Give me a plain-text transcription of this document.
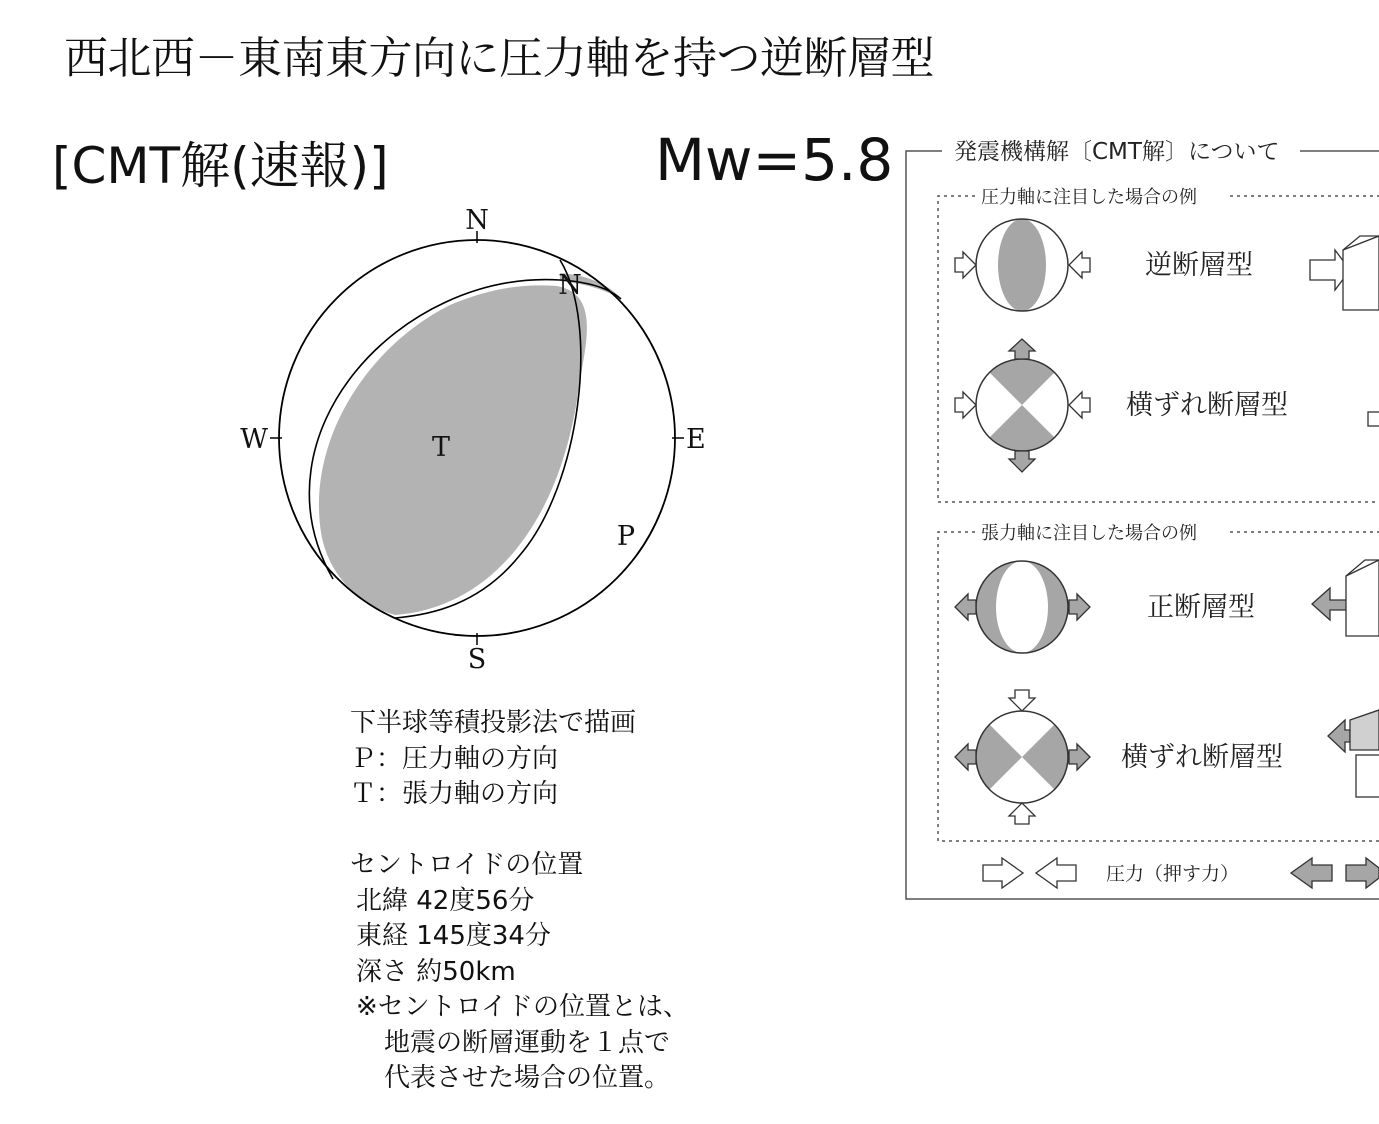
西北西－東南東方向に圧力軸を持つ逆断層型
[CMT解(速報)]	Mw=5.8
N
S
W	E
T
P
N
下半球等積投影法で描画
Ｐ：圧力軸の方向
Ｔ：張力軸の方向
セントロイドの位置
北緯 42度56分
東経 145度34分
深さ 約50km
※セントロイドの位置とは、
地震の断層運動を１点で
代表させた場合の位置。
発震機構解〔CMT解〕について
圧力軸に注目した場合の例
逆断層型
横ずれ断層型
張力軸に注目した場合の例
正断層型
横ずれ断層型
圧力（押す力）
